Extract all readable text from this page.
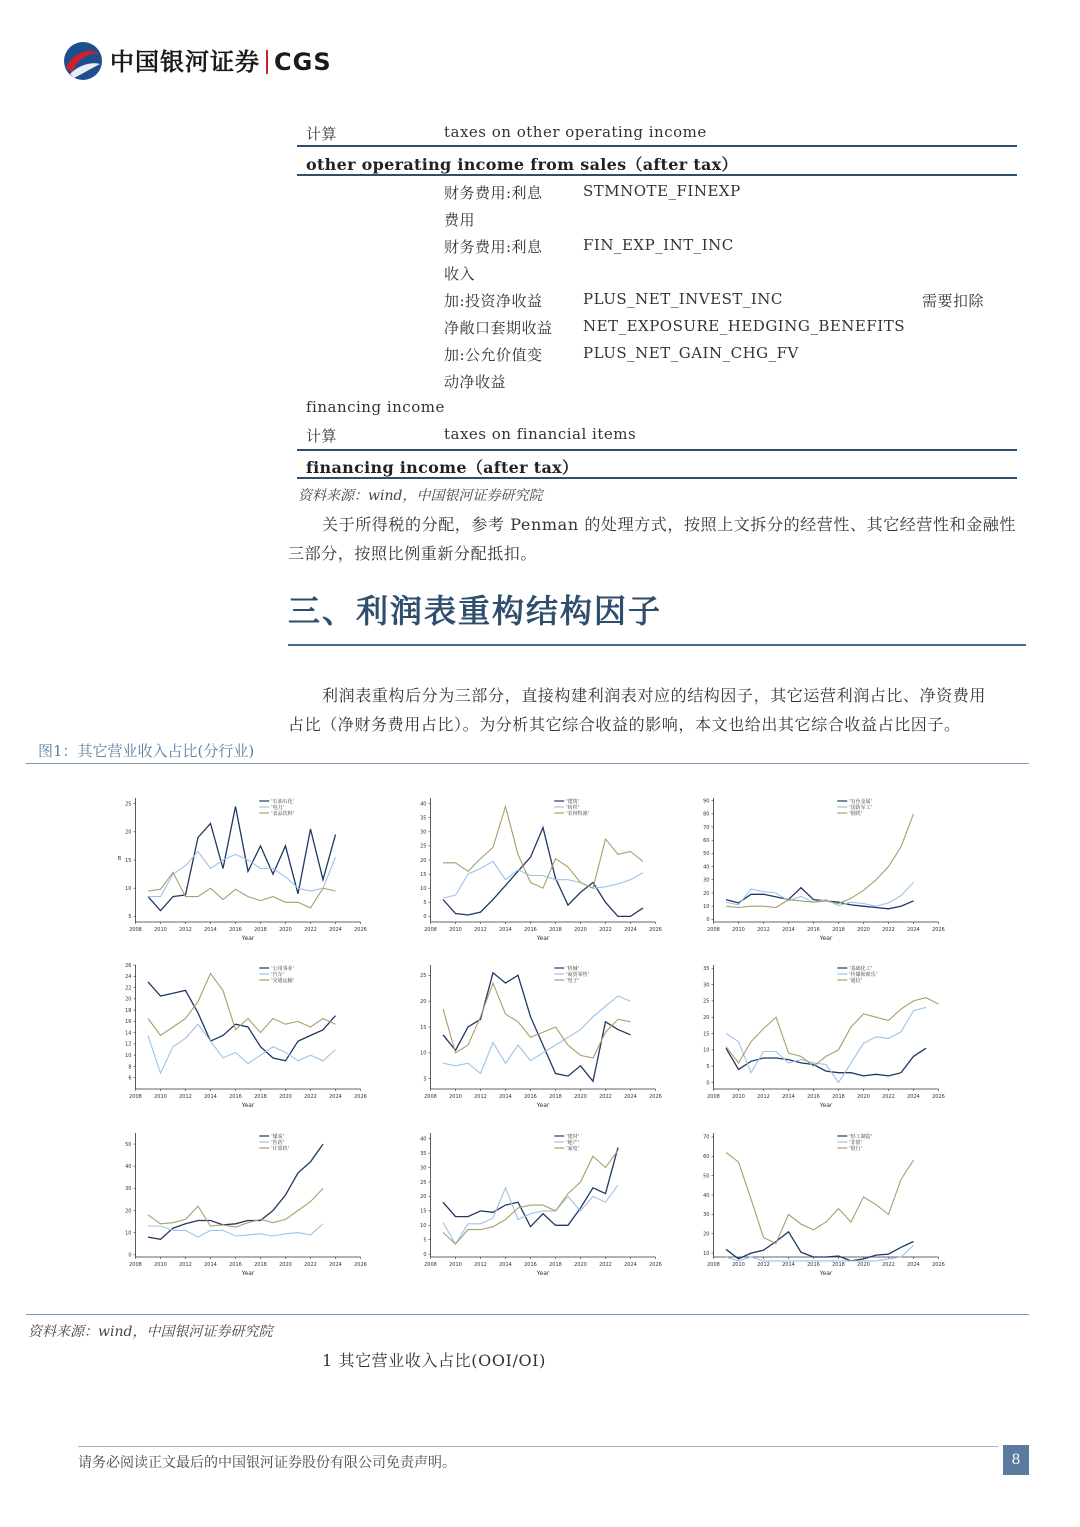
中国银河证券 CGS
计算	taxes on other operating income
other operating income from sales（after tax）
财务费用:利息	STMNOTE_FINEXP
费用
财务费用:利息	FIN_EXP_INT_INC
收入
加:投资净收益	PLUS_NET_INVEST_INC	需要扣除
净敞口套期收益 NET_EXPOSURE_HEDGING_BENEFITS
加:公允价值变	PLUS_NET_GAIN_CHG_FV
动净收益
financing income
计算	taxes on financial items
financing income（after tax）
资料来源：wind，中国银河证券研究院
关于所得税的分配，参考 Penman 的处理方式，按照上文拆分的经营性、其它经营性和金融性
三部分，按照比例重新分配抵扣。
三、利润表重构结构因子
利润表重构后分为三部分，直接构建利润表对应的结构因子，其它运营利润占比、净资费用
占比（净财务费用占比）。为分析其它综合收益的影响，本文也给出其它综合收益占比因子。
图1：其它营业收入占比(分行业)
2008 2010 2012 2014 2016 2018 2020 2022 2024 2026
5
10
15
20
25
Year
B
'石油石化'
'电力'
'食品饮料'
2008 2010 2012 2014 2016 2018 2020 2022 2024 2026
0
5
10
15
20
25
30
35
40
Year
'建筑'
'纺织'
'农林牧渔'
2008 2010 2012 2014 2016 2018 2020 2022 2024 2026
0
10
20
30
40
50
60
70
80
90
Year
'有色金属'
'国防军工'
'钢铁'
2008 2010 2012 2014 2016 2018 2020 2022 2024 2026
6
8
10
12
14
16
18
20
22
24
26
Year
'公用事业'
'汽车'
'交通运输'
2008 2010 2012 2014 2016 2018 2020 2022 2024 2026
5
10
15
20
25
Year
'机械'
'商贸零售'
'电子'
2008 2010 2012 2014 2016 2018 2020 2022 2024 2026
0
5
10
15
20
25
30
35
Year
'基础化工'
'传媒和娱乐'
'通信'
2008 2010 2012 2014 2016 2018 2020 2022 2024 2026
0
10
20
30
40
50
Year
'煤炭'
'医药'
'计算机'
2008 2010 2012 2014 2016 2018 2020 2022 2024 2026
0
5
10
15
20
25
30
35
40
Year
'建材'
'地产'
'家电'
2008 2010 2012 2014 2016 2018 2020 2022 2024 2026
10
20
30
40
50
60
70
Year
'轻工制造'
'非银'
'银行'
资料来源：wind，中国银河证券研究院
1 其它营业收入占比(OOI/OI)
请务必阅读正文最后的中国银河证券股份有限公司免责声明。	8
